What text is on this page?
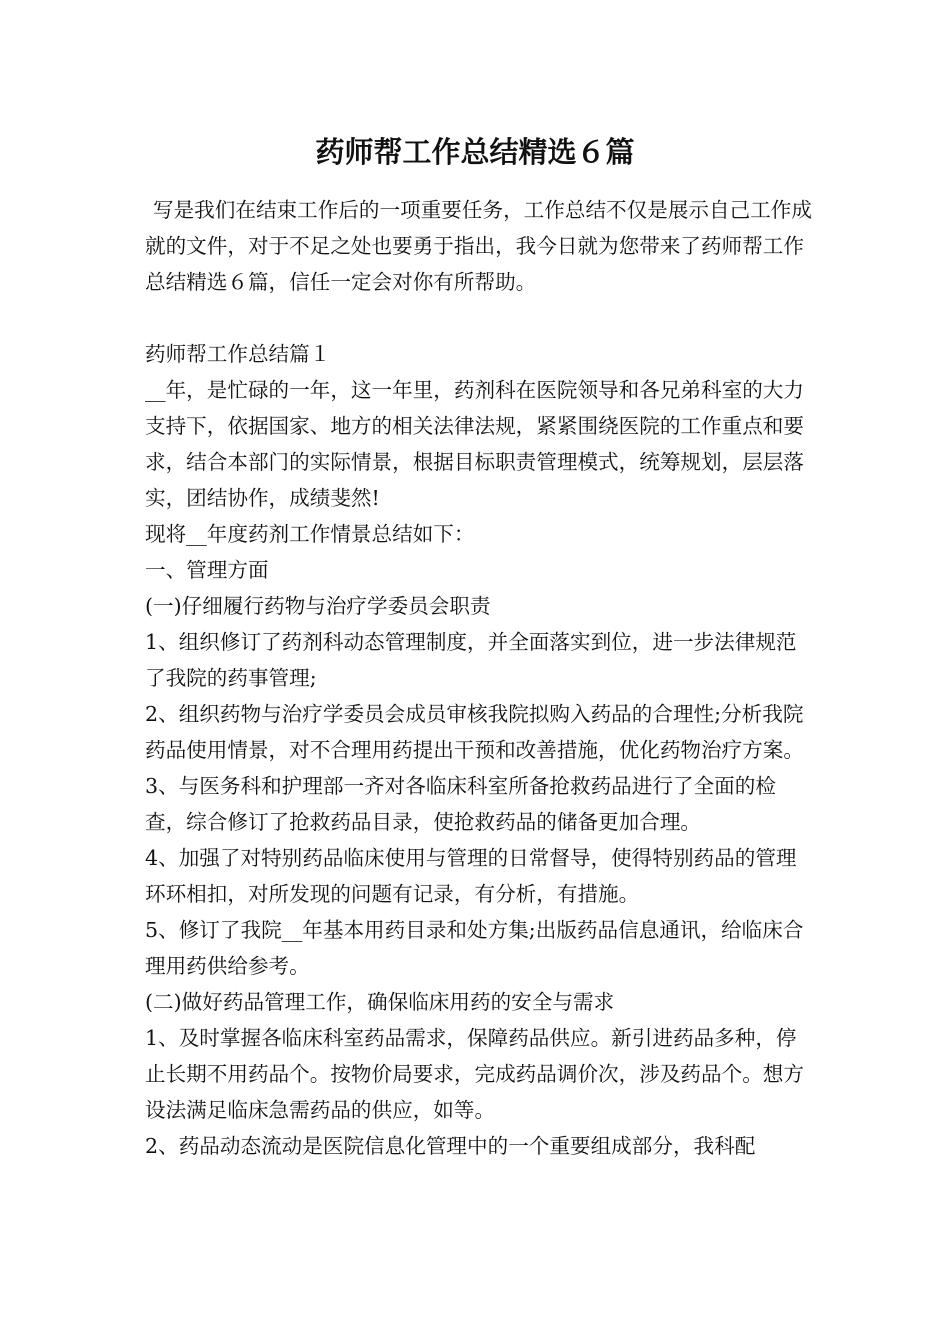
药师帮工作总结精选６篇

写是我们在结束工作后的一项重要任务，工作总结不仅是展示自己工作成就的文件，对于不足之处也要勇于指出，我今日就为您带来了药师帮工作总结精选６篇，信任一定会对你有所帮助。

药师帮工作总结篇１

__年，是忙碌的一年，这一年里，药剂科在医院领导和各兄弟科室的大力支持下，依据国家、地方的相关法律法规，紧紧围绕医院的工作重点和要求，结合本部门的实际情景，根据目标职责管理模式，统筹规划，层层落实，团结协作，成绩斐然!

现将__年度药剂工作情景总结如下：

一、管理方面

(一)仔细履行药物与治疗学委员会职责

1、组织修订了药剂科动态管理制度，并全面落实到位，进一步法律规范了我院的药事管理;

2、组织药物与治疗学委员会成员审核我院拟购入药品的合理性;分析我院药品使用情景，对不合理用药提出干预和改善措施，优化药物治疗方案。

3、与医务科和护理部一齐对各临床科室所备抢救药品进行了全面的检查，综合修订了抢救药品目录，使抢救药品的储备更加合理。

4、加强了对特别药品临床使用与管理的日常督导，使得特别药品的管理环环相扣，对所发现的问题有记录，有分析，有措施。

5、修订了我院__年基本用药目录和处方集;出版药品信息通讯，给临床合理用药供给参考。

(二)做好药品管理工作，确保临床用药的安全与需求

1、及时掌握各临床科室药品需求，保障药品供应。新引进药品多种，停止长期不用药品个。按物价局要求，完成药品调价次，涉及药品个。想方设法满足临床急需药品的供应，如等。

2、药品动态流动是医院信息化管理中的一个重要组成部分，我科配
